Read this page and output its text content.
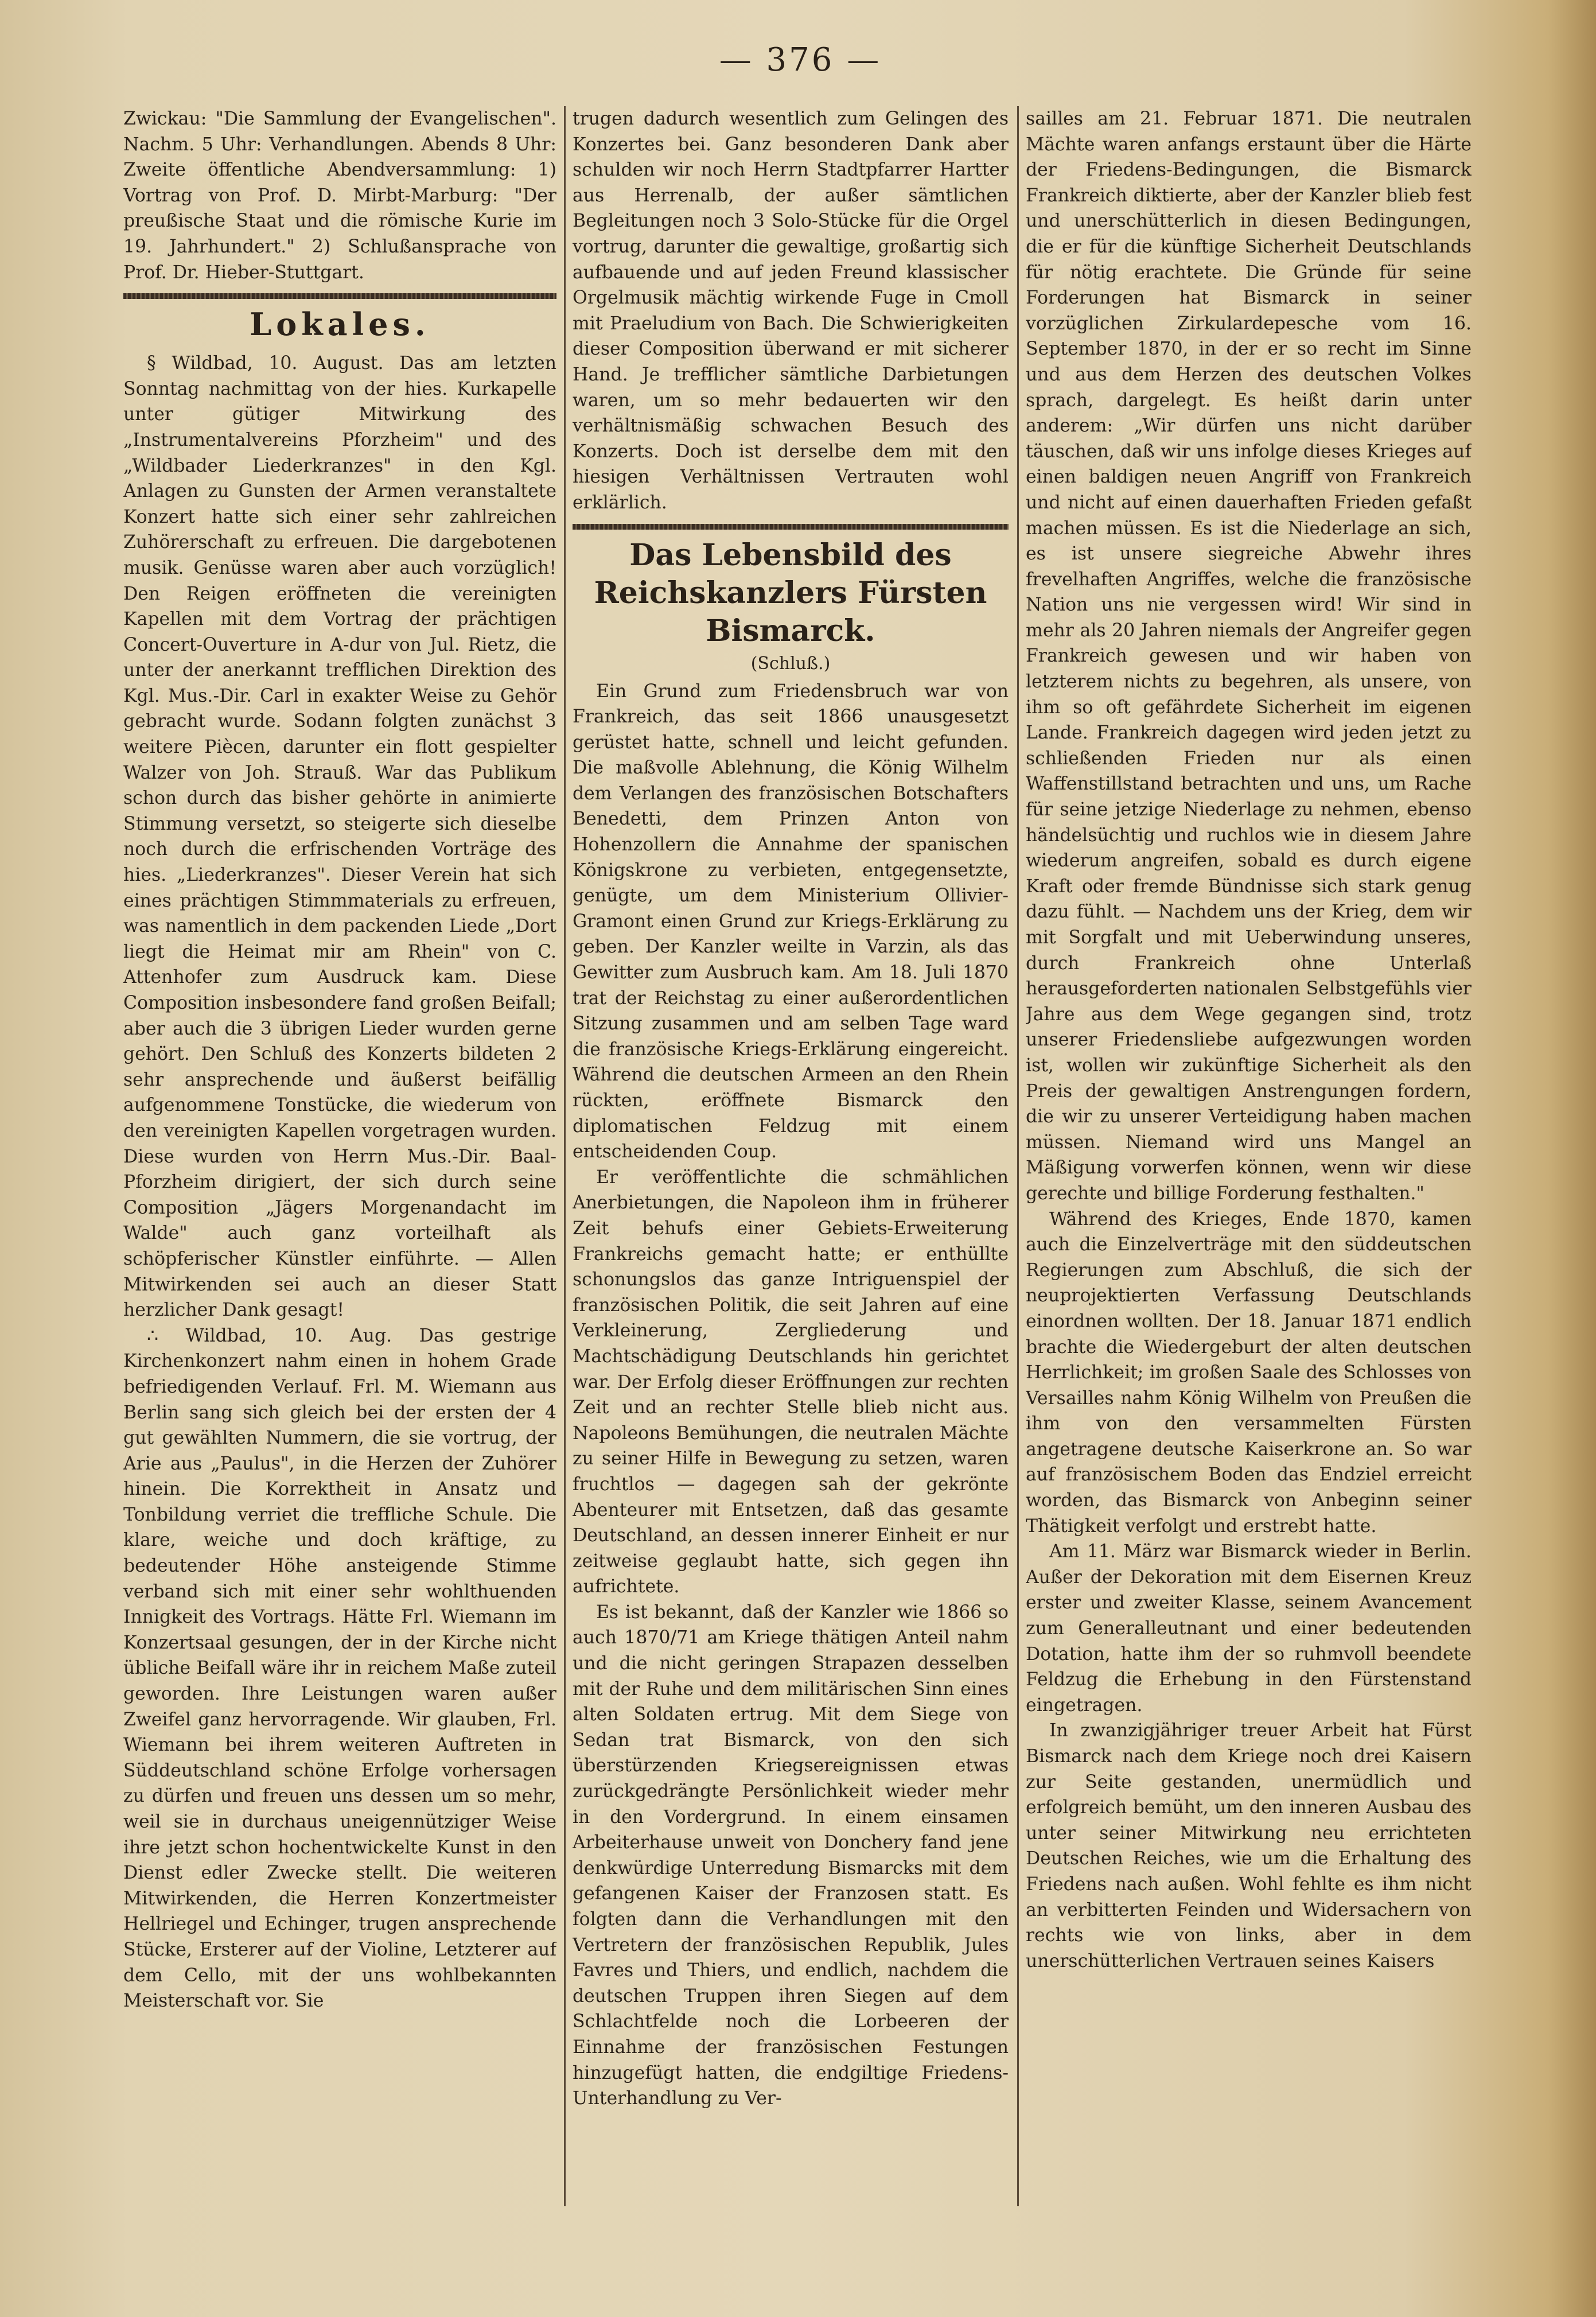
— 376 —

Zwickau: "Die Sammlung der Evangelischen". Nachm. 5 Uhr: Verhandlungen. Abends 8 Uhr: Zweite öffentliche Abendversammlung: 1) Vortrag von Prof. D. Mirbt-Marburg: "Der preußische Staat und die römische Kurie im 19. Jahrhundert." 2) Schlußansprache von Prof. Dr. Hieber-Stuttgart.

Lokales.

§ Wildbad, 10. August. Das am letzten Sonntag nachmittag von der hies. Kurkapelle unter gütiger Mitwirkung des „Instrumentalvereins Pforzheim" und des „Wildbader Liederkranzes" in den Kgl. Anlagen zu Gunsten der Armen veranstaltete Konzert hatte sich einer sehr zahlreichen Zuhörerschaft zu erfreuen. Die dargebotenen musik. Genüsse waren aber auch vorzüglich! Den Reigen eröffneten die vereinigten Kapellen mit dem Vortrag der prächtigen Concert-Ouverture in A-dur von Jul. Rietz, die unter der anerkannt trefflichen Direktion des Kgl. Mus.-Dir. Carl in exakter Weise zu Gehör gebracht wurde. Sodann folgten zunächst 3 weitere Piècen, darunter ein flott gespielter Walzer von Joh. Strauß. War das Publikum schon durch das bisher gehörte in animierte Stimmung versetzt, so steigerte sich dieselbe noch durch die erfrischenden Vorträge des hies. „Liederkranzes". Dieser Verein hat sich eines prächtigen Stimmmaterials zu erfreuen, was namentlich in dem packenden Liede „Dort liegt die Heimat mir am Rhein" von C. Attenhofer zum Ausdruck kam. Diese Composition insbesondere fand großen Beifall; aber auch die 3 übrigen Lieder wurden gerne gehört. Den Schluß des Konzerts bildeten 2 sehr ansprechende und äußerst beifällig aufgenommene Tonstücke, die wiederum von den vereinigten Kapellen vorgetragen wurden. Diese wurden von Herrn Mus.-Dir. Baal-Pforzheim dirigiert, der sich durch seine Composition „Jägers Morgenandacht im Walde" auch ganz vorteilhaft als schöpferischer Künstler einführte. — Allen Mitwirkenden sei auch an dieser Statt herzlicher Dank gesagt!

∴ Wildbad, 10. Aug. Das gestrige Kirchenkonzert nahm einen in hohem Grade befriedigenden Verlauf. Frl. M. Wiemann aus Berlin sang sich gleich bei der ersten der 4 gut gewählten Nummern, die sie vortrug, der Arie aus „Paulus", in die Herzen der Zuhörer hinein. Die Korrektheit in Ansatz und Tonbildung verriet die treffliche Schule. Die klare, weiche und doch kräftige, zu bedeutender Höhe ansteigende Stimme verband sich mit einer sehr wohlthuenden Innigkeit des Vortrags. Hätte Frl. Wiemann im Konzertsaal gesungen, der in der Kirche nicht übliche Beifall wäre ihr in reichem Maße zuteil geworden. Ihre Leistungen waren außer Zweifel ganz hervorragende. Wir glauben, Frl. Wiemann bei ihrem weiteren Auftreten in Süddeutschland schöne Erfolge vorhersagen zu dürfen und freuen uns dessen um so mehr, weil sie in durchaus uneigennütziger Weise ihre jetzt schon hochentwickelte Kunst in den Dienst edler Zwecke stellt. Die weiteren Mitwirkenden, die Herren Konzertmeister Hellriegel und Echinger, trugen ansprechende Stücke, Ersterer auf der Violine, Letzterer auf dem Cello, mit der uns wohlbekannten Meisterschaft vor. Sie

trugen dadurch wesentlich zum Gelingen des Konzertes bei. Ganz besonderen Dank aber schulden wir noch Herrn Stadtpfarrer Hartter aus Herrenalb, der außer sämtlichen Begleitungen noch 3 Solo-Stücke für die Orgel vortrug, darunter die gewaltige, großartig sich aufbauende und auf jeden Freund klassischer Orgelmusik mächtig wirkende Fuge in Cmoll mit Praeludium von Bach. Die Schwierigkeiten dieser Composition überwand er mit sicherer Hand. Je trefflicher sämtliche Darbietungen waren, um so mehr bedauerten wir den verhältnismäßig schwachen Besuch des Konzerts. Doch ist derselbe dem mit den hiesigen Verhältnissen Vertrauten wohl erklärlich.

Das Lebensbild des Reichskanzlers Fürsten Bismarck.
(Schluß.)

Ein Grund zum Friedensbruch war von Frankreich, das seit 1866 unausgesetzt gerüstet hatte, schnell und leicht gefunden. Die maßvolle Ablehnung, die König Wilhelm dem Verlangen des französischen Botschafters Benedetti, dem Prinzen Anton von Hohenzollern die Annahme der spanischen Königskrone zu verbieten, entgegensetzte, genügte, um dem Ministerium Ollivier-Gramont einen Grund zur Kriegs-Erklärung zu geben. Der Kanzler weilte in Varzin, als das Gewitter zum Ausbruch kam. Am 18. Juli 1870 trat der Reichstag zu einer außerordentlichen Sitzung zusammen und am selben Tage ward die französische Kriegs-Erklärung eingereicht. Während die deutschen Armeen an den Rhein rückten, eröffnete Bismarck den diplomatischen Feldzug mit einem entscheidenden Coup.

Er veröffentlichte die schmählichen Anerbietungen, die Napoleon ihm in früherer Zeit behufs einer Gebiets-Erweiterung Frankreichs gemacht hatte; er enthüllte schonungslos das ganze Intriguenspiel der französischen Politik, die seit Jahren auf eine Verkleinerung, Zergliederung und Machtschädigung Deutschlands hin gerichtet war. Der Erfolg dieser Eröffnungen zur rechten Zeit und an rechter Stelle blieb nicht aus. Napoleons Bemühungen, die neutralen Mächte zu seiner Hilfe in Bewegung zu setzen, waren fruchtlos — dagegen sah der gekrönte Abenteurer mit Entsetzen, daß das gesamte Deutschland, an dessen innerer Einheit er nur zeitweise geglaubt hatte, sich gegen ihn aufrichtete.

Es ist bekannt, daß der Kanzler wie 1866 so auch 1870/71 am Kriege thätigen Anteil nahm und die nicht geringen Strapazen desselben mit der Ruhe und dem militärischen Sinn eines alten Soldaten ertrug. Mit dem Siege von Sedan trat Bismarck, von den sich überstürzenden Kriegsereignissen etwas zurückgedrängte Persönlichkeit wieder mehr in den Vordergrund. In einem einsamen Arbeiterhause unweit von Donchery fand jene denkwürdige Unterredung Bismarcks mit dem gefangenen Kaiser der Franzosen statt. Es folgten dann die Verhandlungen mit den Vertretern der französischen Republik, Jules Favres und Thiers, und endlich, nachdem die deutschen Truppen ihren Siegen auf dem Schlachtfelde noch die Lorbeeren der Einnahme der französischen Festungen hinzugefügt hatten, die endgiltige Friedens-Unterhandlung zu Ver-

sailles am 21. Februar 1871. Die neutralen Mächte waren anfangs erstaunt über die Härte der Friedens-Bedingungen, die Bismarck Frankreich diktierte, aber der Kanzler blieb fest und unerschütterlich in diesen Bedingungen, die er für die künftige Sicherheit Deutschlands für nötig erachtete. Die Gründe für seine Forderungen hat Bismarck in seiner vorzüglichen Zirkulardepesche vom 16. September 1870, in der er so recht im Sinne und aus dem Herzen des deutschen Volkes sprach, dargelegt. Es heißt darin unter anderem: „Wir dürfen uns nicht darüber täuschen, daß wir uns infolge dieses Krieges auf einen baldigen neuen Angriff von Frankreich und nicht auf einen dauerhaften Frieden gefaßt machen müssen. Es ist die Niederlage an sich, es ist unsere siegreiche Abwehr ihres frevelhaften Angriffes, welche die französische Nation uns nie vergessen wird! Wir sind in mehr als 20 Jahren niemals der Angreifer gegen Frankreich gewesen und wir haben von letzterem nichts zu begehren, als unsere, von ihm so oft gefährdete Sicherheit im eigenen Lande. Frankreich dagegen wird jeden jetzt zu schließenden Frieden nur als einen Waffenstillstand betrachten und uns, um Rache für seine jetzige Niederlage zu nehmen, ebenso händelsüchtig und ruchlos wie in diesem Jahre wiederum angreifen, sobald es durch eigene Kraft oder fremde Bündnisse sich stark genug dazu fühlt. — Nachdem uns der Krieg, dem wir mit Sorgfalt und mit Ueberwindung unseres, durch Frankreich ohne Unterlaß herausgeforderten nationalen Selbstgefühls vier Jahre aus dem Wege gegangen sind, trotz unserer Friedensliebe aufgezwungen worden ist, wollen wir zukünftige Sicherheit als den Preis der gewaltigen Anstrengungen fordern, die wir zu unserer Verteidigung haben machen müssen. Niemand wird uns Mangel an Mäßigung vorwerfen können, wenn wir diese gerechte und billige Forderung festhalten."

Während des Krieges, Ende 1870, kamen auch die Einzelverträge mit den süddeutschen Regierungen zum Abschluß, die sich der neuprojektierten Verfassung Deutschlands einordnen wollten. Der 18. Januar 1871 endlich brachte die Wiedergeburt der alten deutschen Herrlichkeit; im großen Saale des Schlosses von Versailles nahm König Wilhelm von Preußen die ihm von den versammelten Fürsten angetragene deutsche Kaiserkrone an. So war auf französischem Boden das Endziel erreicht worden, das Bismarck von Anbeginn seiner Thätigkeit verfolgt und erstrebt hatte.

Am 11. März war Bismarck wieder in Berlin. Außer der Dekoration mit dem Eisernen Kreuz erster und zweiter Klasse, seinem Avancement zum Generalleutnant und einer bedeutenden Dotation, hatte ihm der so ruhmvoll beendete Feldzug die Erhebung in den Fürstenstand eingetragen.

In zwanzigjähriger treuer Arbeit hat Fürst Bismarck nach dem Kriege noch drei Kaisern zur Seite gestanden, unermüdlich und erfolgreich bemüht, um den inneren Ausbau des unter seiner Mitwirkung neu errichteten Deutschen Reiches, wie um die Erhaltung des Friedens nach außen. Wohl fehlte es ihm nicht an verbitterten Feinden und Widersachern von rechts wie von links, aber in dem unerschütterlichen Vertrauen seines Kaisers
